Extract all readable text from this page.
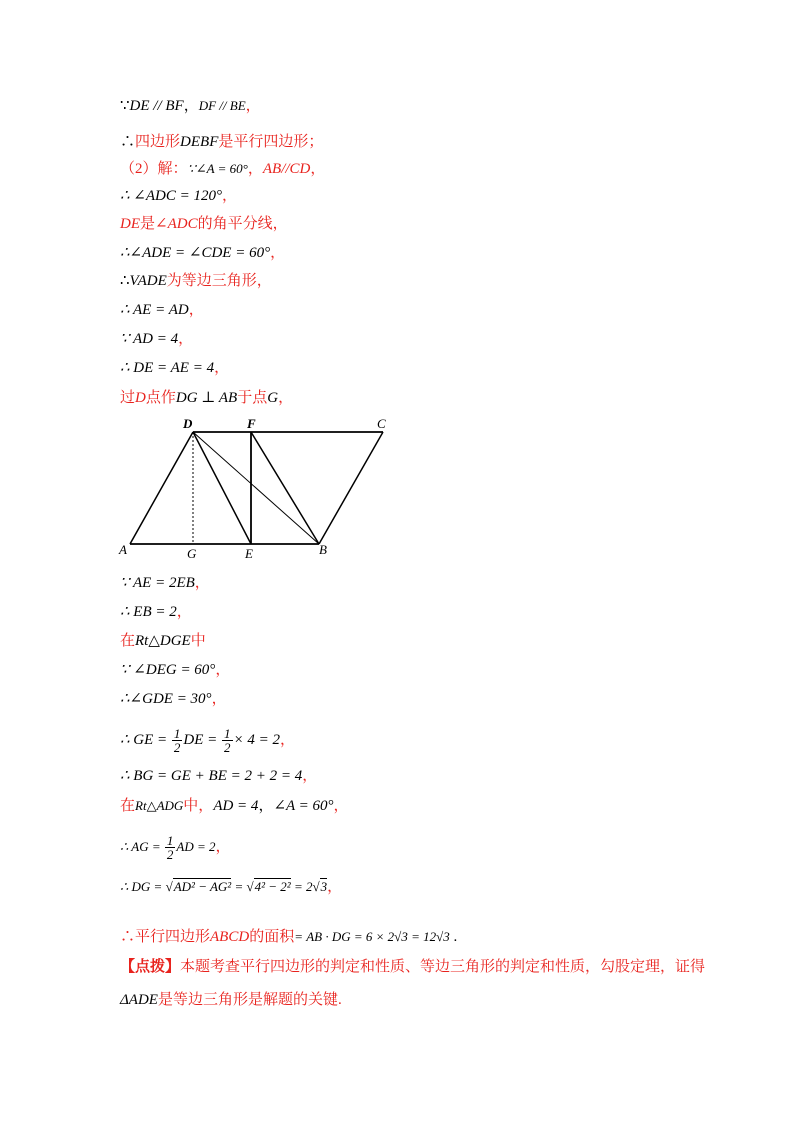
∵DE // BF，DF // BE，
∴四边形DEBF是平行四边形；
（2）解：∵∠A = 60°，AB//CD，
∴ ∠ADC = 120°，
DE是∠ADC的角平分线，
∴∠ADE = ∠CDE = 60°，
∴VADE为等边三角形，
∴ AE = AD，
∵ AD = 4，
∴ DE = AE = 4，
过D点作DG ⊥ AB于点G，
∵ AE = 2EB，
∴ EB = 2，
在Rt△DGE中
∵ ∠DEG = 60°，
∴∠GDE = 30°，
∴ GE = $\frac{1}{2}$ DE = $\frac{1}{2} \times 4 = 2$，
∴ BG = GE + BE = 2 + 2 = 4，
在Rt△ADG中，AD = 4，∠A = 60°，
∴ AG = $\frac{1}{2}$ AD = 2，
∴ DG = √AD² − AG² = √4² − 2² = 2√3，
∴平行四边形ABCD的面积= AB · DG = 6 × 2√3 = 12√3 .
【点拨】本题考查平行四边形的判定和性质、等边三角形的判定和性质，勾股定理，证得
ΔADE是等边三角形是解题的关键.
A	G	E	B
D	F	C
